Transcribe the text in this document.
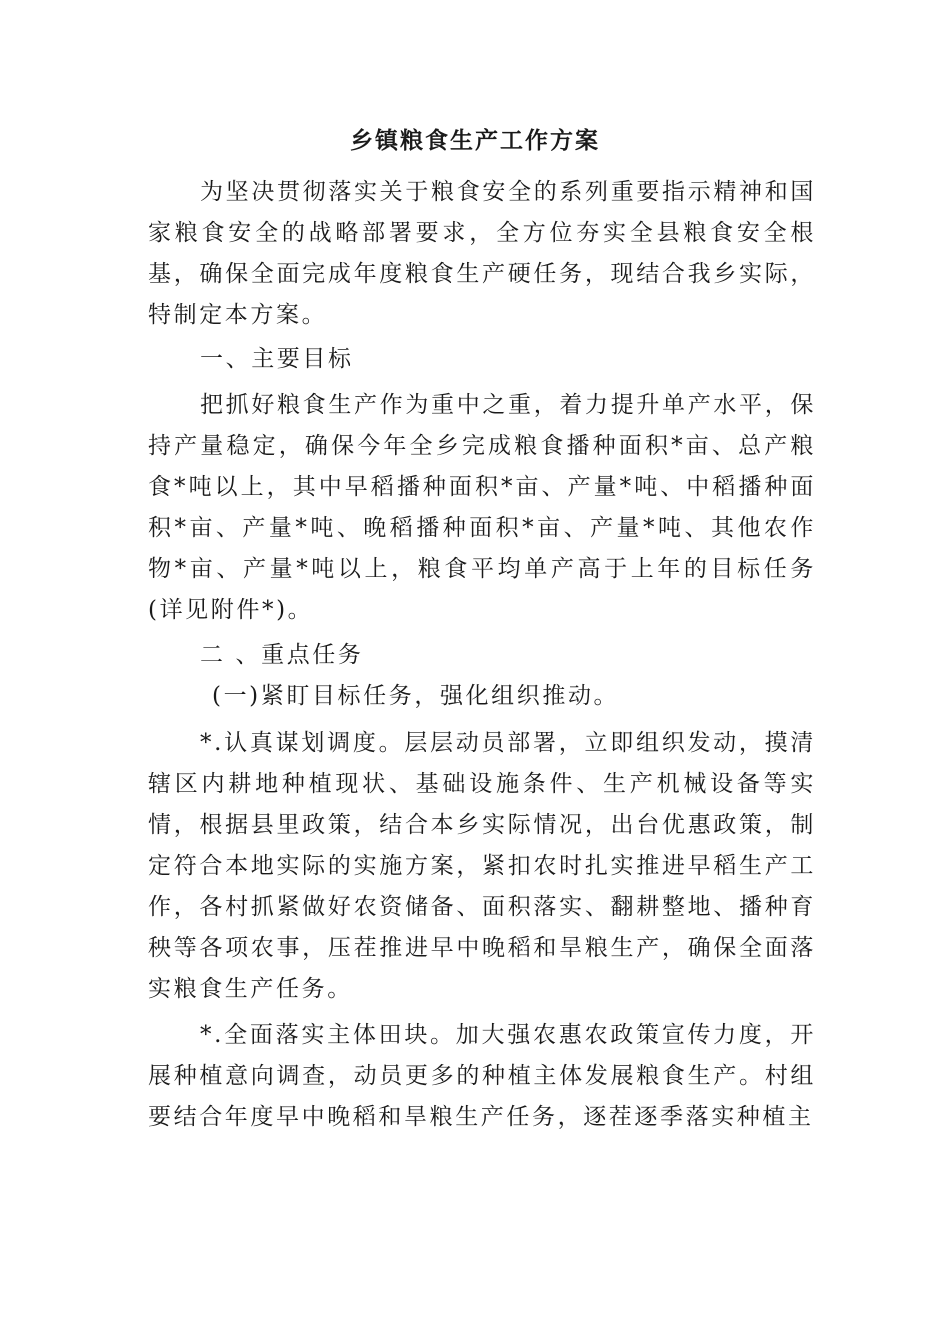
乡镇粮食生产工作方案

为坚决贯彻落实关于粮食安全的系列重要指示精神和国家粮食安全的战略部署要求，全方位夯实全县粮食安全根基，确保全面完成年度粮食生产硬任务，现结合我乡实际，特制定本方案。

一、主要目标

把抓好粮食生产作为重中之重，着力提升单产水平，保持产量稳定，确保今年全乡完成粮食播种面积*亩、总产粮食*吨以上，其中早稻播种面积*亩、产量*吨、中稻播种面积*亩、产量*吨、晚稻播种面积*亩、产量*吨、其他农作物*亩、产量*吨以上，粮食平均单产高于上年的目标任务(详见附件*)。

二 、重点任务

(一)紧盯目标任务，强化组织推动。

*.认真谋划调度。层层动员部署，立即组织发动，摸清辖区内耕地种植现状、基础设施条件、生产机械设备等实情，根据县里政策，结合本乡实际情况，出台优惠政策，制定符合本地实际的实施方案，紧扣农时扎实推进早稻生产工作，各村抓紧做好农资储备、面积落实、翻耕整地、播种育秧等各项农事，压茬推进早中晚稻和旱粮生产，确保全面落实粮食生产任务。

*.全面落实主体田块。加大强农惠农政策宣传力度，开展种植意向调查，动员更多的种植主体发展粮食生产。村组要结合年度早中晚稻和旱粮生产任务，逐茬逐季落实种植主
